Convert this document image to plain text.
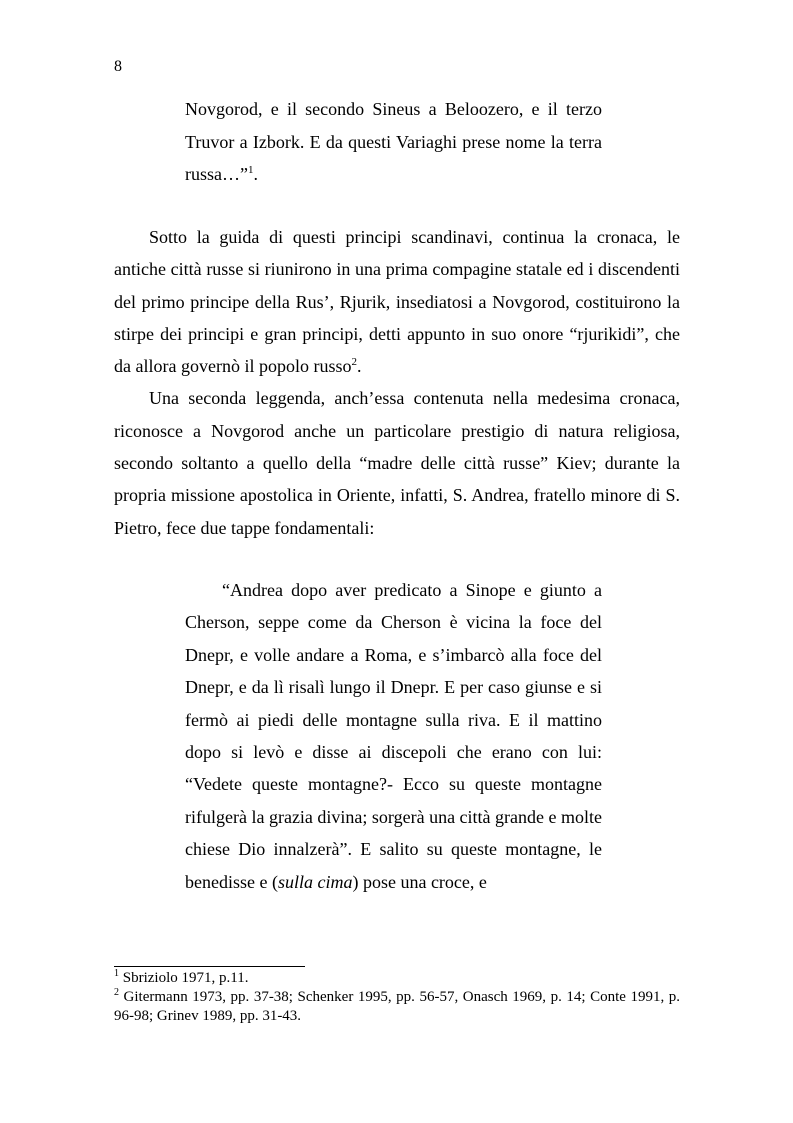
8
Novgorod, e il secondo Sineus a Beloozero, e il terzo Truvor a Izbork. E da questi Variaghi prese nome la terra russa…”$^1$.

Sotto la guida di questi principi scandinavi, continua la cronaca, le antiche città russe si riunirono in una prima compagine statale ed i discendenti del primo principe della Rus’, Rjurik, insediatosi a Novgorod, costituirono la stirpe dei principi e gran principi, detti appunto in suo onore “rjurikidi”, che da allora governò il popolo russo$^2$.

Una seconda leggenda, anch’essa contenuta nella medesima cronaca, riconosce a Novgorod anche un particolare prestigio di natura religiosa, secondo soltanto a quello della “madre delle città russe” Kiev; durante la propria missione apostolica in Oriente, infatti, S. Andrea, fratello minore di S. Pietro, fece due tappe fondamentali:

“Andrea dopo aver predicato a Sinope e giunto a Cherson, seppe come da Cherson è vicina la foce del Dnepr, e volle andare a Roma, e s’imbarcò alla foce del Dnepr, e da lì risalì lungo il Dnepr. E per caso giunse e si fermò ai piedi delle montagne sulla riva. E il mattino dopo si levò e disse ai discepoli che erano con lui: “Vedete queste montagne?- Ecco su queste montagne rifulgerà la grazia divina; sorgerà una città grande e molte chiese Dio innalzerà”. E salito su queste montagne, le benedisse e (sulla cima) pose una croce, e

$^1$ Sbriziolo 1971, p.11.
$^2$ Gitermann 1973, pp. 37-38; Schenker 1995, pp. 56-57, Onasch 1969, p. 14; Conte 1991, p. 96-98; Grinev 1989, pp. 31-43.
